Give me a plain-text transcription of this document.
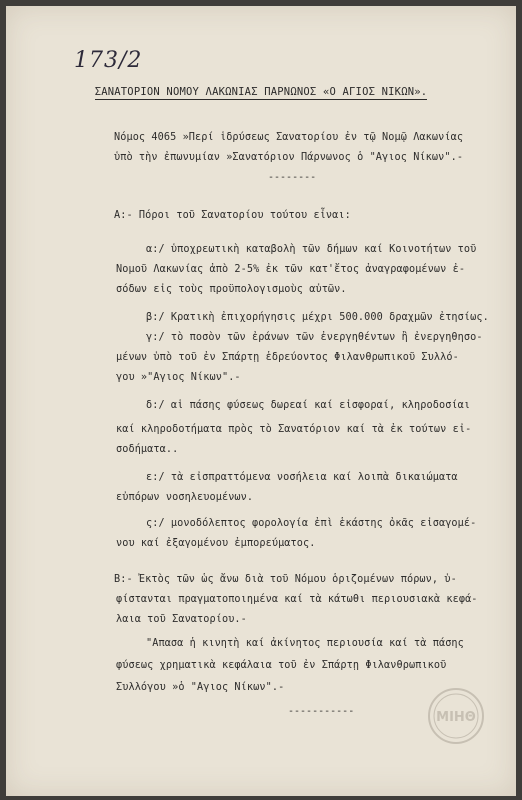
173/2
ΣΑΝΑΤΟΡΙΟΝ ΝΟΜΟΥ ΛΑΚΩΝΙΑΣ ΠΑΡΝΩΝΟΣ «Ο ΑΓΙΟΣ ΝΙΚΩΝ».
Νόμος 4065 »Περί ἱδρύσεως Σανατορίου ἐν τῷ Νομῷ Λακωνίας
ὑπὸ τὴν ἐπωνυμίαν »Σανατόριον Πάρνωνος ὁ "Αγιος Νίκων".-
--------
Α:- Πόροι τοῦ Σανατορίου τούτου εἶναι:
α:/ ὑποχρεωτικὴ καταβολὴ τῶν δήμων καί Κοινοτήτων τοῦ
Νομοῦ Λακωνίας ἀπὸ 2-5% ἐκ τῶν κατ'ἔτος ἀναγραφομένων ἐ-
σόδων εἰς τοὺς προϋπολογισμοὺς αὐτῶν.
β:/ Κρατικὴ ἐπιχορήγησις μέχρι 500.000 δραχμῶν ἐτησίως.
γ:/ τὸ ποσὸν τῶν ἐράνων τῶν ἐνεργηθέντων ἢ ἐνεργηθησο-
μένων ὑπὸ τοῦ ἐν Σπάρτῃ ἑδρεύοντος Φιλανθρωπικοῦ Συλλό-
γου »"Αγιος Νίκων".-
δ:/ αἱ πάσης φύσεως δωρεαί καί εἰσφοραί, κληροδοσίαι
καί κληροδοτήματα πρὸς τὸ Σανατόριον καί τὰ ἐκ τούτων εἰ-
σοδήματα..
ε:/ τὰ εἰσπραττόμενα νοσήλεια καί λοιπὰ δικαιώματα
εὐπόρων νοσηλευομένων.
ς:/ μονοδόλεπτος φορολογία ἐπὶ ἑκάστης ὀκᾶς εἰσαγομέ-
νου καί ἐξαγομένου ἐμπορεύματος.
Β:- Ἐκτὸς τῶν ὡς ἄνω διὰ τοῦ Νόμου ὁριζομένων πόρων, ὑ-
φίστανται πραγματοποιημένα καί τὰ κάτωθι περιουσιακὰ κεφά-
λαια τοῦ Σανατορίου.-
"Απασα ἡ κινητὴ καί ἀκίνητος περιουσία καί τὰ πάσης
φύσεως χρηματικὰ κεφάλαια τοῦ ἐν Σπάρτῃ Φιλανθρωπικοῦ
Συλλόγου »ὁ "Αγιος Νίκων".-
-----------	ΜΙΗΘ
